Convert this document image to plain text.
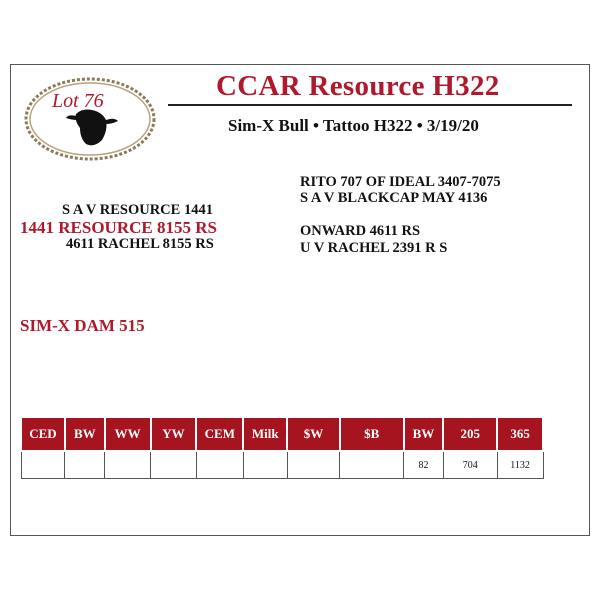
Lot 76	CCAR Resource H322
Sim-X Bull • Tattoo H322 • 3/19/20
RITO 707 OF IDEAL 3407-7075
S A V BLACKCAP MAY 4136
S A V RESOURCE 1441
1441 RESOURCE 8155 RS	ONWARD 4611 RS
4611 RACHEL 8155 RS	U V RACHEL 2391 R S
SIM-X DAM 515
CED	BW	WW	YW	CEM	Milk	$W	$B	BW	205	365
								82	704	1132
